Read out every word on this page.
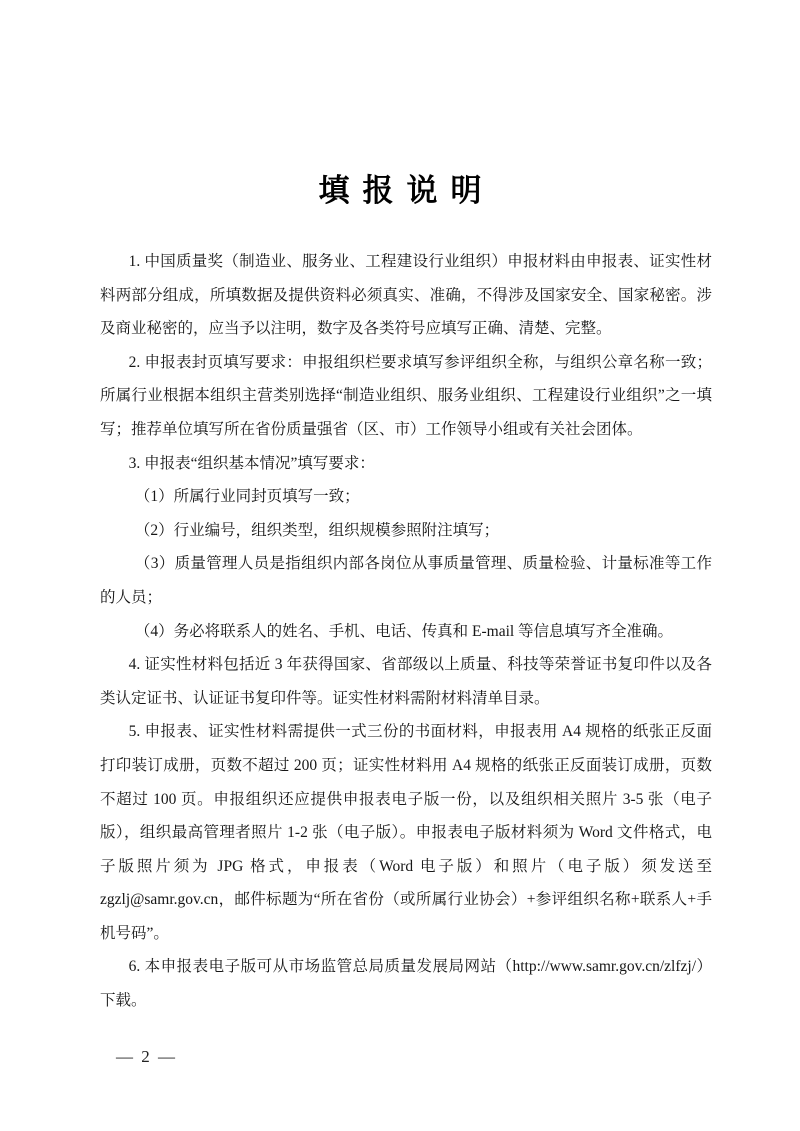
填报说明

1. 中国质量奖（制造业、服务业、工程建设行业组织）申报材料由申报表、证实性材料两部分组成，所填数据及提供资料必须真实、准确，不得涉及国家安全、国家秘密。涉及商业秘密的，应当予以注明，数字及各类符号应填写正确、清楚、完整。

2. 申报表封页填写要求：申报组织栏要求填写参评组织全称，与组织公章名称一致；所属行业根据本组织主营类别选择“制造业组织、服务业组织、工程建设行业组织”之一填写；推荐单位填写所在省份质量强省（区、市）工作领导小组或有关社会团体。

3. 申报表“组织基本情况”填写要求：

（1）所属行业同封页填写一致；

（2）行业编号，组织类型，组织规模参照附注填写；

（3）质量管理人员是指组织内部各岗位从事质量管理、质量检验、计量标准等工作的人员；

（4）务必将联系人的姓名、手机、电话、传真和 E-mail 等信息填写齐全准确。

4. 证实性材料包括近 3 年获得国家、省部级以上质量、科技等荣誉证书复印件以及各类认定证书、认证证书复印件等。证实性材料需附材料清单目录。

5. 申报表、证实性材料需提供一式三份的书面材料，申报表用 A4 规格的纸张正反面打印装订成册，页数不超过 200 页；证实性材料用 A4 规格的纸张正反面装订成册，页数不超过 100 页。申报组织还应提供申报表电子版一份，以及组织相关照片 3-5 张（电子版），组织最高管理者照片 1-2 张（电子版）。申报表电子版材料须为 Word 文件格式，电子版照片须为 JPG 格式，申报表（Word 电子版）和照片（电子版）须发送至 zgzlj@samr.gov.cn，邮件标题为“所在省份（或所属行业协会）+参评组织名称+联系人+手机号码”。

6. 本申报表电子版可从市场监管总局质量发展局网站（http://www.samr.gov.cn/zlfzj/）下载。

— 2 —
